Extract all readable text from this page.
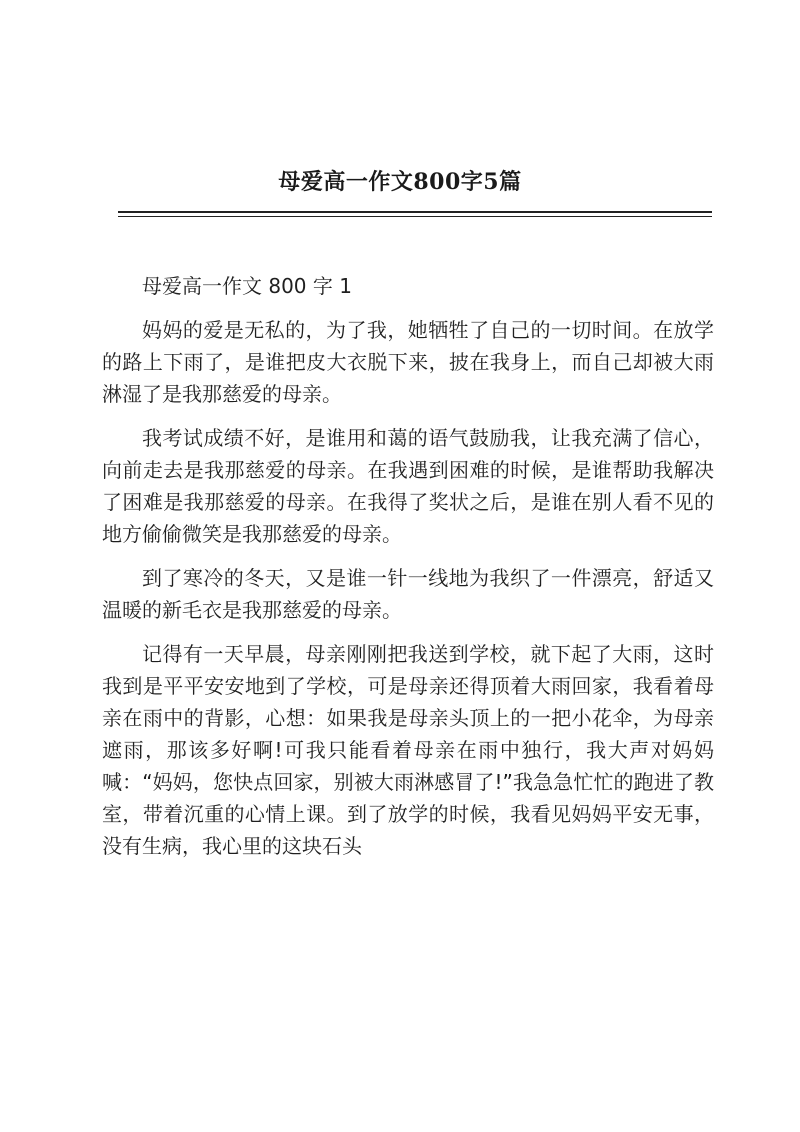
母爱高一作文800字5篇

母爱高一作文 800 字 1

妈妈的爱是无私的，为了我，她牺牲了自己的一切时间。在放学的路上下雨了，是谁把皮大衣脱下来，披在我身上，而自己却被大雨淋湿了是我那慈爱的母亲。

我考试成绩不好，是谁用和蔼的语气鼓励我，让我充满了信心，向前走去是我那慈爱的母亲。在我遇到困难的时候，是谁帮助我解决了困难是我那慈爱的母亲。在我得了奖状之后，是谁在别人看不见的地方偷偷微笑是我那慈爱的母亲。

到了寒冷的冬天，又是谁一针一线地为我织了一件漂亮，舒适又温暖的新毛衣是我那慈爱的母亲。

记得有一天早晨，母亲刚刚把我送到学校，就下起了大雨，这时我到是平平安安地到了学校，可是母亲还得顶着大雨回家，我看着母亲在雨中的背影，心想：如果我是母亲头顶上的一把小花伞，为母亲遮雨，那该多好啊!可我只能看着母亲在雨中独行，我大声对妈妈喊：“妈妈，您快点回家，别被大雨淋感冒了!”我急急忙忙的跑进了教室，带着沉重的心情上课。到了放学的时候，我看见妈妈平安无事，没有生病，我心里的这块石头
